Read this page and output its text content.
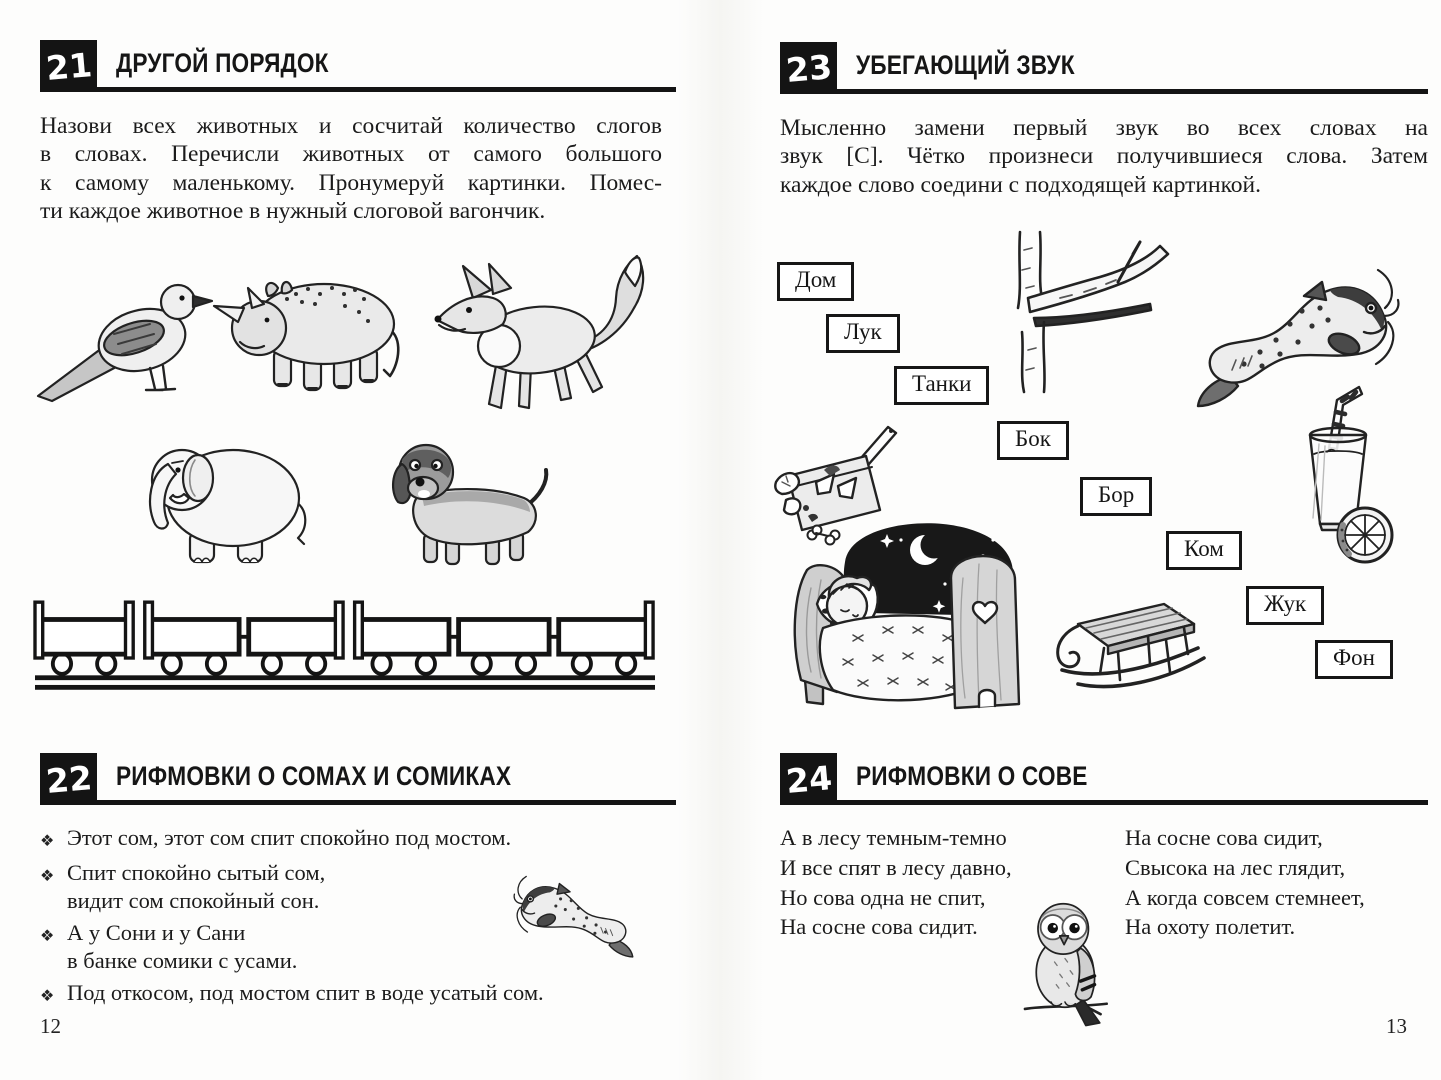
21 ДРУГОЙ ПОРЯДОК
Назови всех животных и сосчитай количество слогов
в словах. Перечисли животных от самого большого
к самому маленькому. Пронумеруй картинки. Помес-
ти каждое животное в нужный слоговой вагончик.
22 РИФМОВКИ О СОМАХ И СОМИКАХ
❖ Этот сом, этот сом спит спокойно под мостом.
❖ Спит спокойно сытый сом,
видит сом спокойный сон.
❖ А у Сони и у Сани
в банке сомики с усами.
❖ Под откосом, под мостом спит в воде усатый сом.
12
23 УБЕГАЮЩИЙ ЗВУК
Мысленно замени первый звук во всех словах на
звук [С]. Чётко произнеси получившиеся слова. Затем
каждое слово соедини с подходящей картинкой.
Дом
Лук
Танки
Бок
Бор
Ком
Жук
Фон
24 РИФМОВКИ О СОВЕ
А в лесу темным-темно
И все спят в лесу давно,
Но сова одна не спит,
На сосне сова сидит.
На сосне сова сидит,
Свысока на лес глядит,
А когда совсем стемнеет,
На охоту полетит.
13
